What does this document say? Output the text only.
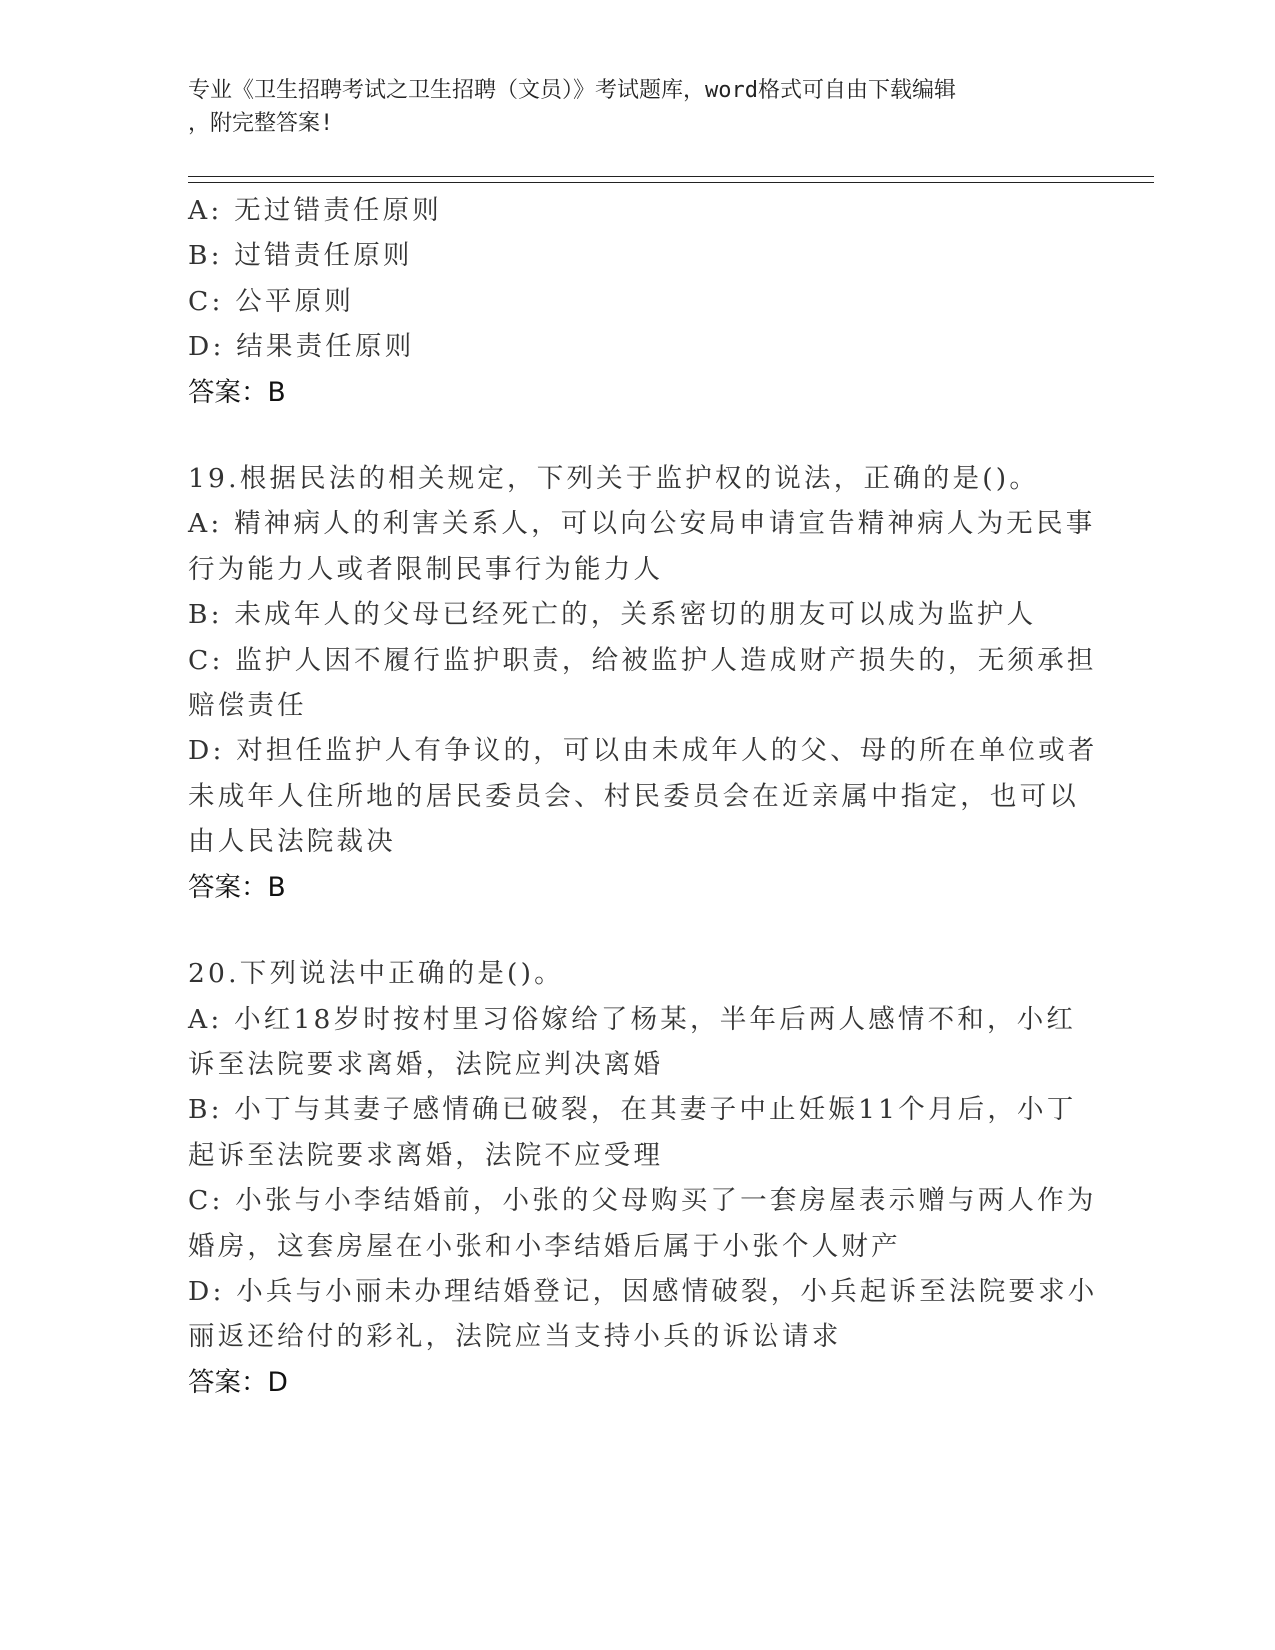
专业《卫生招聘考试之卫生招聘（文员）》考试题库，word格式可自由下载编辑
，附完整答案!
A: 无过错责任原则
B: 过错责任原则
C: 公平原则
D: 结果责任原则
答案：B
19.根据民法的相关规定，下列关于监护权的说法，正确的是()。
A: 精神病人的利害关系人，可以向公安局申请宣告精神病人为无民事
行为能力人或者限制民事行为能力人
B: 未成年人的父母已经死亡的，关系密切的朋友可以成为监护人
C: 监护人因不履行监护职责，给被监护人造成财产损失的，无须承担
赔偿责任
D: 对担任监护人有争议的，可以由未成年人的父、母的所在单位或者
未成年人住所地的居民委员会、村民委员会在近亲属中指定，也可以
由人民法院裁决
答案：B
20.下列说法中正确的是()。
A: 小红18岁时按村里习俗嫁给了杨某，半年后两人感情不和，小红
诉至法院要求离婚，法院应判决离婚
B: 小丁与其妻子感情确已破裂，在其妻子中止妊娠11个月后，小丁
起诉至法院要求离婚，法院不应受理
C: 小张与小李结婚前，小张的父母购买了一套房屋表示赠与两人作为
婚房，这套房屋在小张和小李结婚后属于小张个人财产
D: 小兵与小丽未办理结婚登记，因感情破裂，小兵起诉至法院要求小
丽返还给付的彩礼，法院应当支持小兵的诉讼请求
答案：D
